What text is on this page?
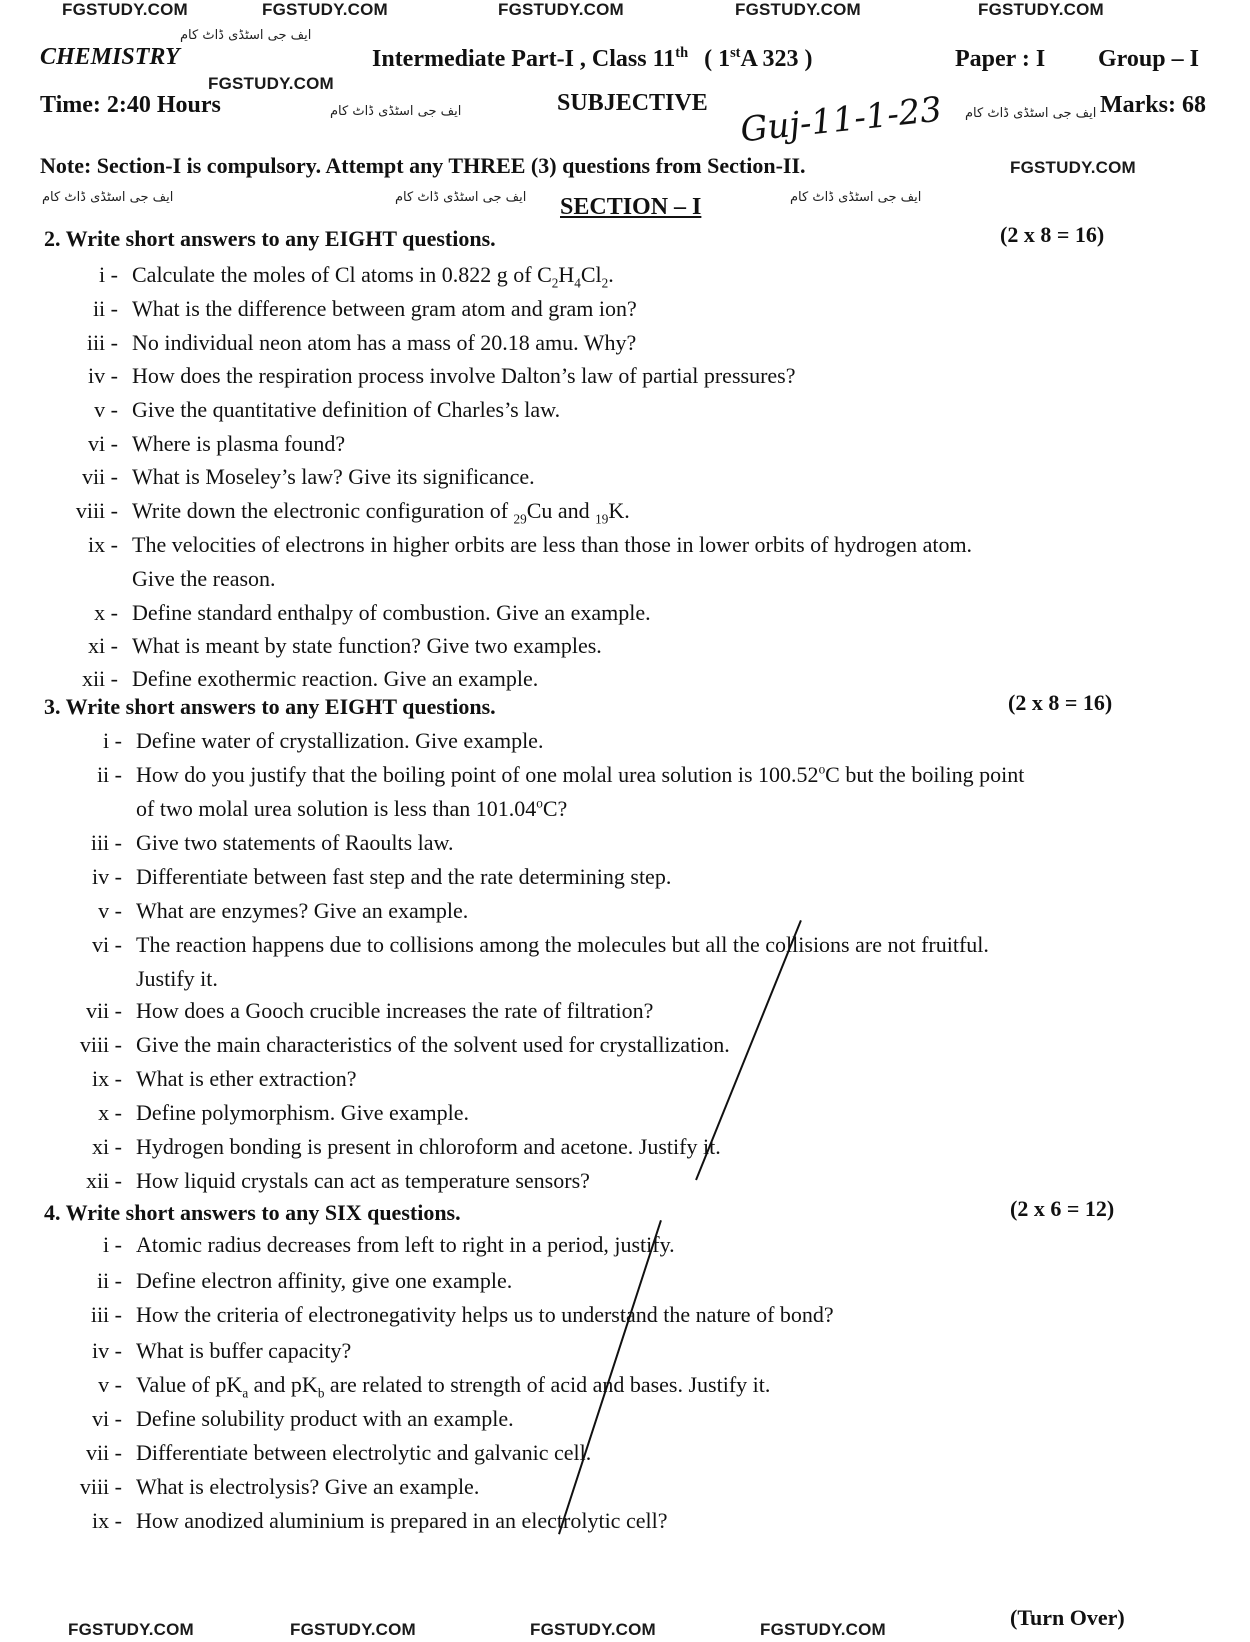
FGSTUDY.COM	FGSTUDY.COM	FGSTUDY.COM	FGSTUDY.COM	FGSTUDY.COM
ایف جی اسٹڈی ڈاٹ کام
CHEMISTRY	Intermediate Part-I , Class 11th ( 1stA 323 )	Paper : I Group – I
FGSTUDY.COM
Time: 2:40 Hours	ایف جی اسٹڈی ڈاٹ کام	SUBJECTIVE Guj-11-1-23 ایف جی اسٹڈی ڈاٹ کام Marks: 68
Note: Section-I is compulsory. Attempt any THREE (3) questions from Section-II.	FGSTUDY.COM
ایف جی اسٹڈی ڈاٹ کام	ایف جی اسٹڈی ڈاٹ کام	ایف جی اسٹڈی ڈاٹ کام
SECTION – I
2. Write short answers to any EIGHT questions.	(2 x 8 = 16)
i - Calculate the moles of Cl atoms in 0.822 g of $C_2H_4Cl_2$.
ii - What is the difference between gram atom and gram ion?
iii - No individual neon atom has a mass of 20.18 amu. Why?
iv - How does the respiration process involve Dalton’s law of partial pressures?
v - Give the quantitative definition of Charles’s law.
vi - Where is plasma found?
vii - What is Moseley’s law? Give its significance.
viii - Write down the electronic configuration of $_{29}$Cu and $_{19}$K.
ix - The velocities of electrons in higher orbits are less than those in lower orbits of hydrogen atom.
Give the reason.
x - Define standard enthalpy of combustion. Give an example.
xi - What is meant by state function? Give two examples.
xii - Define exothermic reaction. Give an example.
3. Write short answers to any EIGHT questions.	(2 x 8 = 16)
i - Define water of crystallization. Give example.
ii - How do you justify that the boiling point of one molal urea solution is 100.52$^o$C but the boiling point
of two molal urea solution is less than 101.04$^o$C?
iii - Give two statements of Raoults law.
iv - Differentiate between fast step and the rate determining step.
v - What are enzymes? Give an example.
vi - The reaction happens due to collisions among the molecules but all the collisions are not fruitful.
Justify it.
vii - How does a Gooch crucible increases the rate of filtration?
viii - Give the main characteristics of the solvent used for crystallization.
ix - What is ether extraction?
x - Define polymorphism. Give example.
xi - Hydrogen bonding is present in chloroform and acetone. Justify it.
xii - How liquid crystals can act as temperature sensors?
4. Write short answers to any SIX questions.	(2 x 6 = 12)
i - Atomic radius decreases from left to right in a period, justify.
ii - Define electron affinity, give one example.
iii - How the criteria of electronegativity helps us to understand the nature of bond?
iv - What is buffer capacity?
v - Value of $pK_a$ and $pK_b$ are related to strength of acid and bases. Justify it.
vi - Define solubility product with an example.
vii - Differentiate between electrolytic and galvanic cell.
viii - What is electrolysis? Give an example.
ix - How anodized aluminium is prepared in an electrolytic cell?
FGSTUDY.COM	FGSTUDY.COM	FGSTUDY.COM	FGSTUDY.COM	(Turn Over)
